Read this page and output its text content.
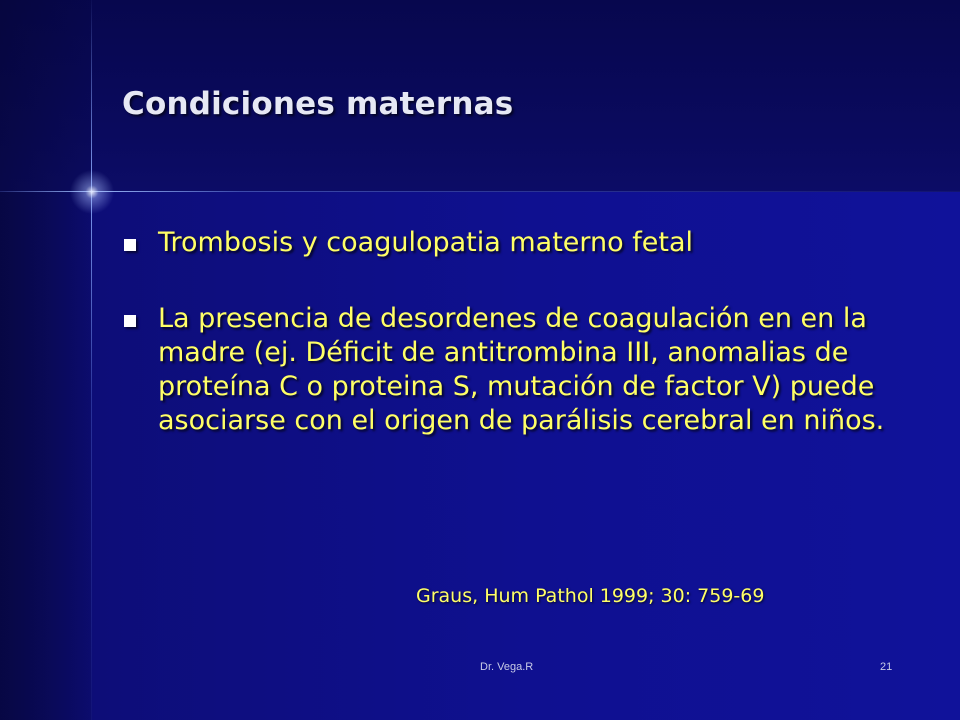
Condiciones maternas
Trombosis y coagulopatia materno fetal
La presencia de desordenes de coagulación en en la madre (ej. Déficit de antitrombina III, anomalias de proteína C o proteina S, mutación de factor V) puede asociarse con el origen de parálisis cerebral en niños.

Graus, Hum Pathol 1999; 30: 759-69

Dr. Vega.R	21
